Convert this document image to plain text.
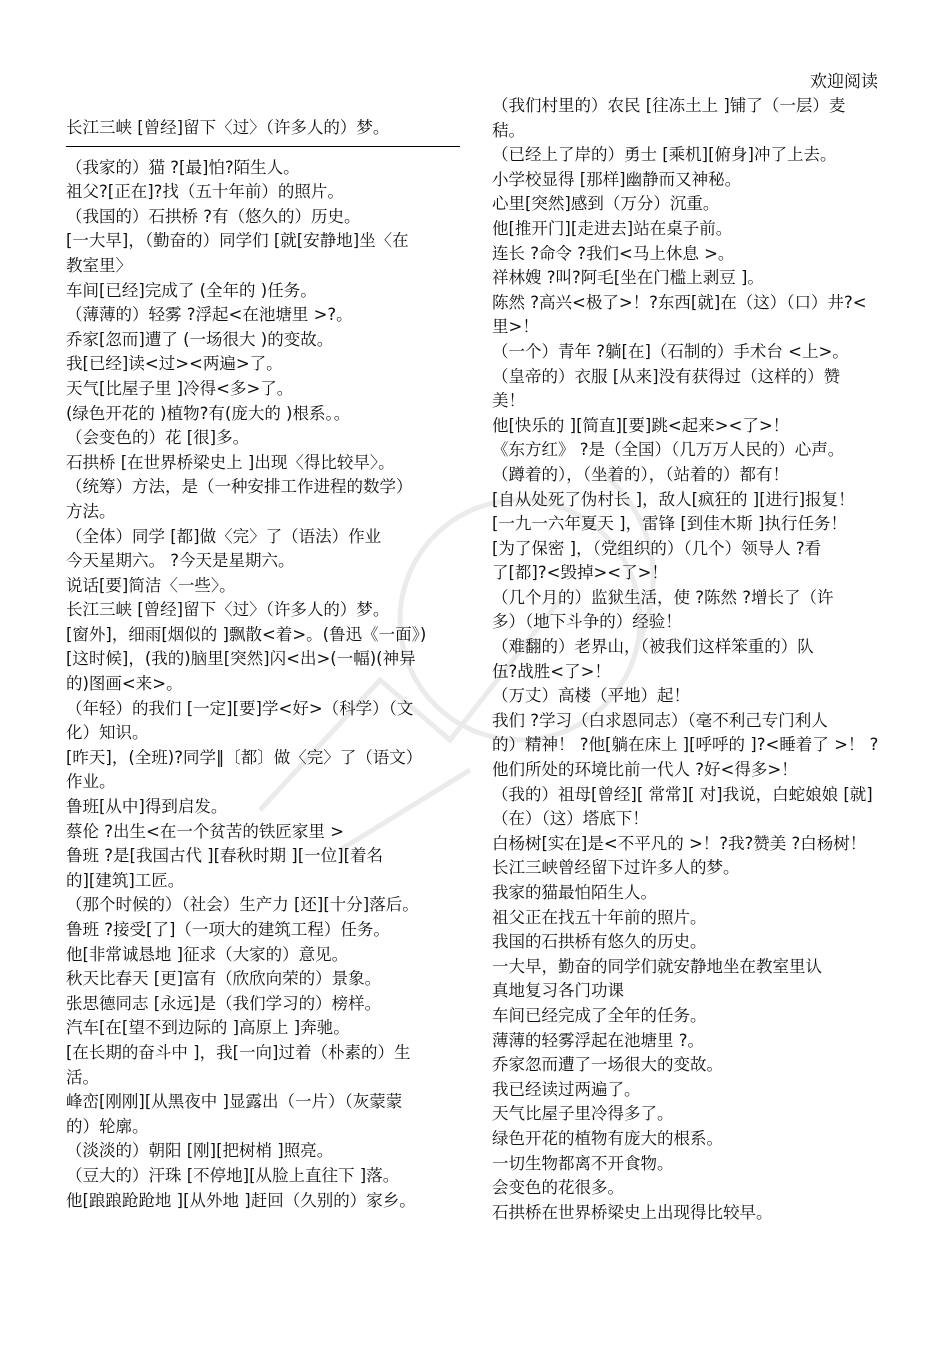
欢迎阅读
长江三峡 [曾经]留下〈过〉（许多人的）梦。
（我家的）猫 ?[最]怕?陌生人。
祖父?[正在]?找（五十年前）的照片。
（我国的）石拱桥 ?有（悠久的）历史。
[一大早]，（勤奋的）同学们 [就[安静地]坐〈在
教室里〉
车间[已经]完成了 (全年的 )任务。
（薄薄的）轻雾 ?浮起<在池塘里 >?。
乔家[忽而]遭了 (一场很大 )的变故。
我[已经]读<过><两遍>了。
天气[比屋子里 ]冷得<多>了。
(绿色开花的 )植物?有(庞大的 )根系。。
（会变色的）花 [很]多。
石拱桥 [在世界桥梁史上 ]出现〈得比较早〉。
（统筹）方法，是（一种安排工作进程的数学）
方法。
（全体）同学 [都]做〈完〉了（语法）作业
今天星期六。 ?今天是星期六。
说话[要]简洁〈一些〉。
长江三峡 [曾经]留下〈过〉（许多人的）梦。
[窗外]，细雨[烟似的 ]飘散<着>。(鲁迅《一面》)
[这时候]，(我的)脑里[突然]闪<出>(一幅)(神异
的)图画<来>。
（年轻）的我们 [一定][要]学<好>（科学）（文
化）知识。
[昨天]，(全班)?同学‖〔都〕做〈完〉了（语文）
作业。
鲁班[从中]得到启发。
蔡伦 ?出生<在一个贫苦的铁匠家里 >
鲁班 ?是[我国古代 ][春秋时期 ][一位][着名
的][建筑]工匠。
（那个时候的）（社会）生产力 [还][十分]落后。
鲁班 ?接受[了]（一项大的建筑工程）任务。
他[非常诚恳地 ]征求（大家的）意见。
秋天比春天 [更]富有（欣欣向荣的）景象。
张思德同志 [永远]是（我们学习的）榜样。
汽车[在[望不到边际的 ]高原上 ]奔驰。
[在长期的奋斗中 ]，我[一向]过着（朴素的）生
活。
峰峦[刚刚][从黑夜中 ]显露出（一片）（灰蒙蒙
的）轮廓。
（淡淡的）朝阳 [刚][把树梢 ]照亮。
（豆大的）汗珠 [不停地][从脸上直往下 ]落。
他[踉踉跄跄地 ][从外地 ]赶回（久别的）家乡。
（我们村里的）农民 [往冻土上 ]铺了（一层）麦
秸。
（已经上了岸的）勇士 [乘机][俯身]冲了上去。
小学校显得 [那样]幽静而又神秘。
心里[突然]感到（万分）沉重。
他[推开门][走进去]站在桌子前。
连长 ?命令 ?我们<马上休息 >。
祥林嫂 ?叫?阿毛[坐在门槛上剥豆 ]。
陈然 ?高兴<极了>！?东西[就]在（这）（口）井?<
里>！
（一个）青年 ?躺[在]（石制的）手术台 <上>。
（皇帝的）衣服 [从来]没有获得过（这样的）赞
美！
他[快乐的 ][简直][要]跳<起来><了>！
《东方红》 ?是（全国）（几万万人民的）心声。
（蹲着的），（坐着的），（站着的）都有！
[自从处死了伪村长 ]，敌人[疯狂的 ][进行]报复！
[一九一六年夏天 ]，雷锋 [到佳木斯 ]执行任务！
[为了保密 ]，（党组织的）（几个）领导人 ?看
了[都]?<毁掉><了>！
（几个月的）监狱生活，使 ?陈然 ?增长了（许
多）（地下斗争的）经验！
（难翻的）老界山，（被我们这样笨重的）队
伍?战胜<了>！
（万丈）高楼（平地）起！
我们 ?学习（白求恩同志）（毫不利己专门利人
的）精神！ ?他[躺在床上 ][呼呼的 ]?<睡着了 >！ ?
他们所处的环境比前一代人 ?好<得多>！
（我的）祖母[曾经][ 常常][ 对]我说，白蛇娘娘 [就]
（在）（这）塔底下！
白杨树[实在]是<不平凡的 >！?我?赞美 ?白杨树！
长江三峡曾经留下过许多人的梦。
我家的猫最怕陌生人。
祖父正在找五十年前的照片。
我国的石拱桥有悠久的历史。
一大早，勤奋的同学们就安静地坐在教室里认
真地复习各门功课
车间已经完成了全年的任务。
薄薄的轻雾浮起在池塘里 ?。
乔家忽而遭了一场很大的变故。
我已经读过两遍了。
天气比屋子里冷得多了。
绿色开花的植物有庞大的根系。
一切生物都离不开食物。
会变色的花很多。
石拱桥在世界桥梁史上出现得比较早。
